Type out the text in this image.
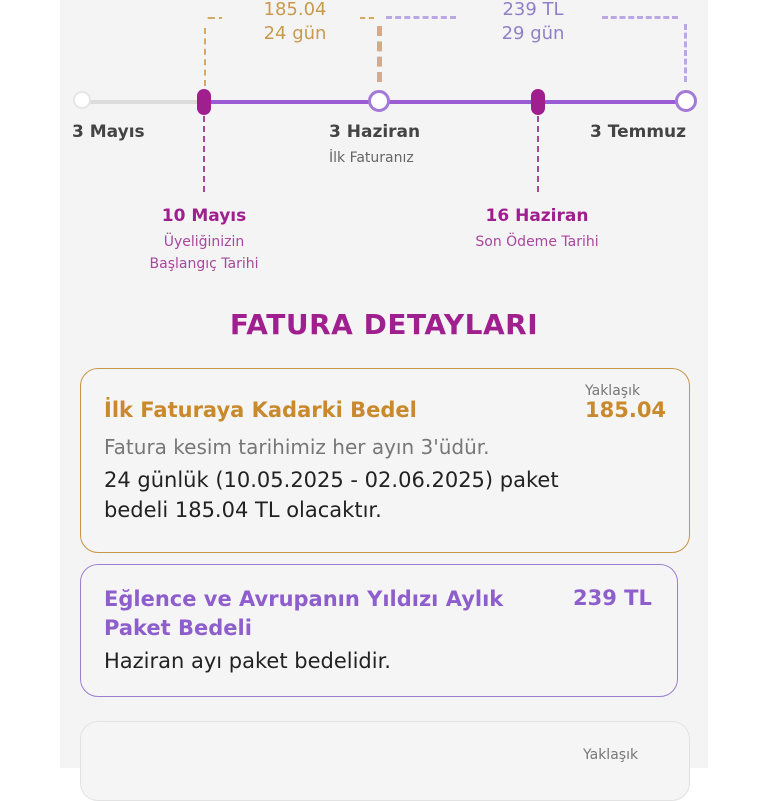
185.04
24 gün
239 TL
29 gün
3 Mayıs	3 Haziran
İlk Faturanız
3 Temmuz
10 Mayıs
Üyeliğinizin
Başlangıç Tarihi
16 Haziran
Son Ödeme Tarihi
FATURA DETAYLARI
Yaklaşık
İlk Faturaya Kadarki Bedel	185.04
Fatura kesim tarihimiz her ayın 3'üdür.
24 günlük (10.05.2025 - 02.06.2025) paket
bedeli 185.04 TL olacaktır.
Eğlence ve Avrupanın Yıldızı Aylık
Paket Bedeli
239 TL
Haziran ayı paket bedelidir.
Yaklaşık
